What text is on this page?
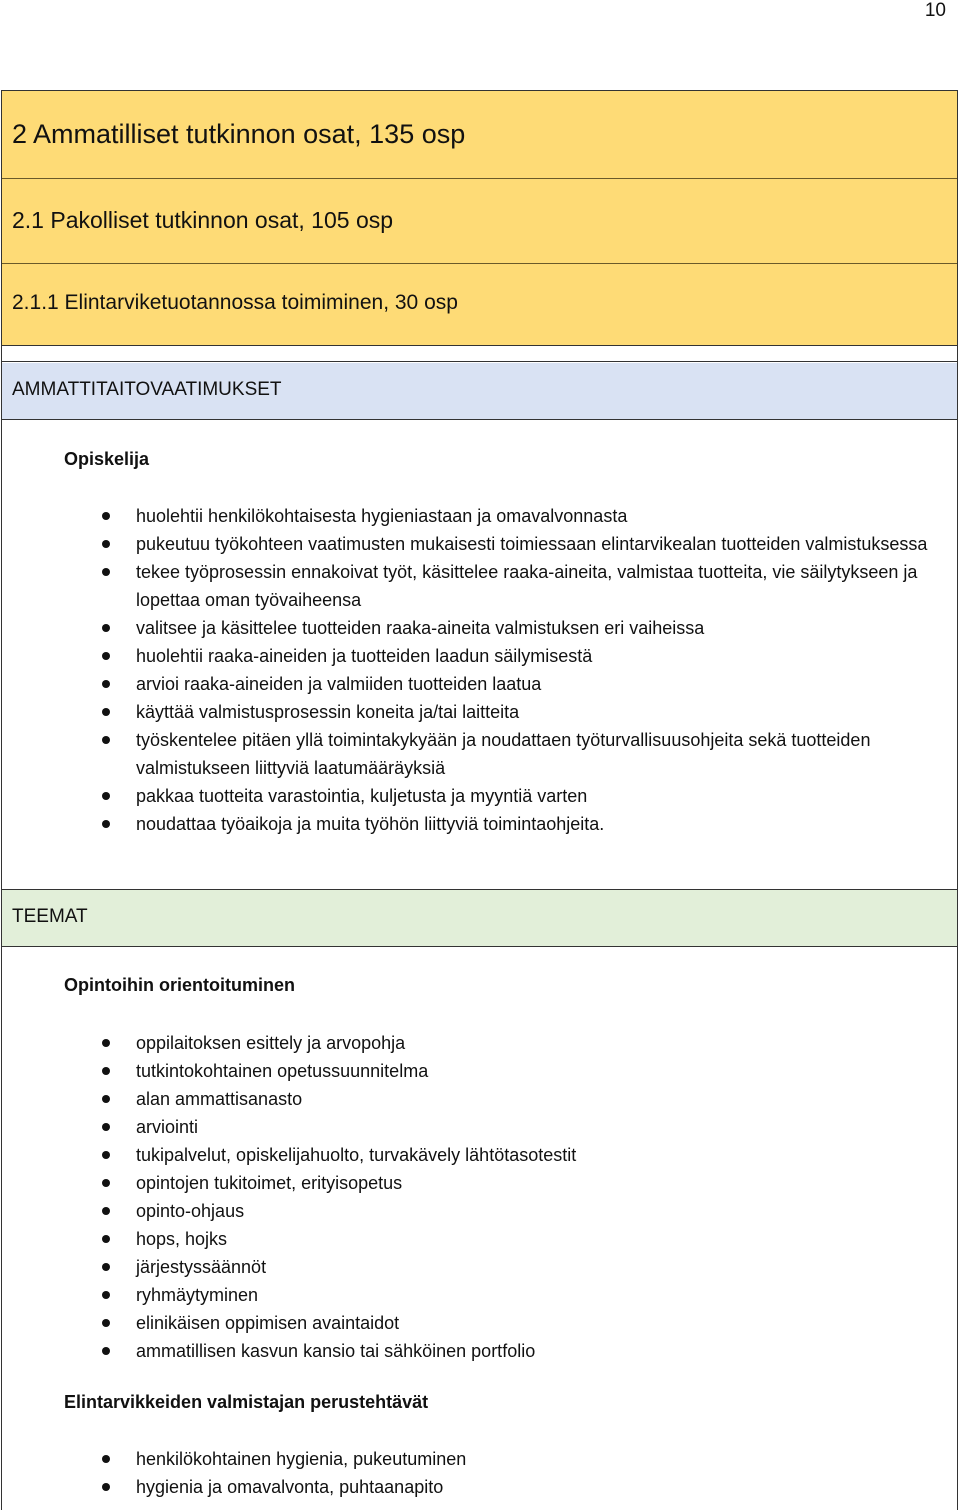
10
2 Ammatilliset tutkinnon osat, 135 osp
2.1 Pakolliset tutkinnon osat, 105 osp
2.1.1 Elintarviketuotannossa toimiminen, 30 osp
AMMATTITAITOVAATIMUKSET
Opiskelija
huolehtii henkilökohtaisesta hygieniastaan ja omavalvonnasta
pukeutuu työkohteen vaatimusten mukaisesti toimiessaan elintarvikealan tuotteiden valmistuksessa
tekee työprosessin ennakoivat työt, käsittelee raaka-aineita, valmistaa tuotteita, vie säilytykseen ja lopettaa oman työvaiheensa
valitsee ja käsittelee tuotteiden raaka-aineita valmistuksen eri vaiheissa
huolehtii raaka-aineiden ja tuotteiden laadun säilymisestä
arvioi raaka-aineiden ja valmiiden tuotteiden laatua
käyttää valmistusprosessin koneita ja/tai laitteita
työskentelee pitäen yllä toimintakykyään ja noudattaen työturvallisuusohjeita sekä tuotteiden valmistukseen liittyviä laatumääräyksiä
pakkaa tuotteita varastointia, kuljetusta ja myyntiä varten
noudattaa työaikoja ja muita työhön liittyviä toimintaohjeita.
TEEMAT
Opintoihin orientoituminen
oppilaitoksen esittely ja arvopohja
tutkintokohtainen opetussuunnitelma
alan ammattisanasto
arviointi
tukipalvelut, opiskelijahuolto, turvakävely lähtötasotestit
opintojen tukitoimet, erityisopetus
opinto-ohjaus
hops, hojks
järjestyssäännöt
ryhmäytyminen
elinikäisen oppimisen avaintaidot
ammatillisen kasvun kansio tai sähköinen portfolio
Elintarvikkeiden valmistajan perustehtävät
henkilökohtainen hygienia, pukeutuminen
hygienia ja omavalvonta, puhtaanapito
